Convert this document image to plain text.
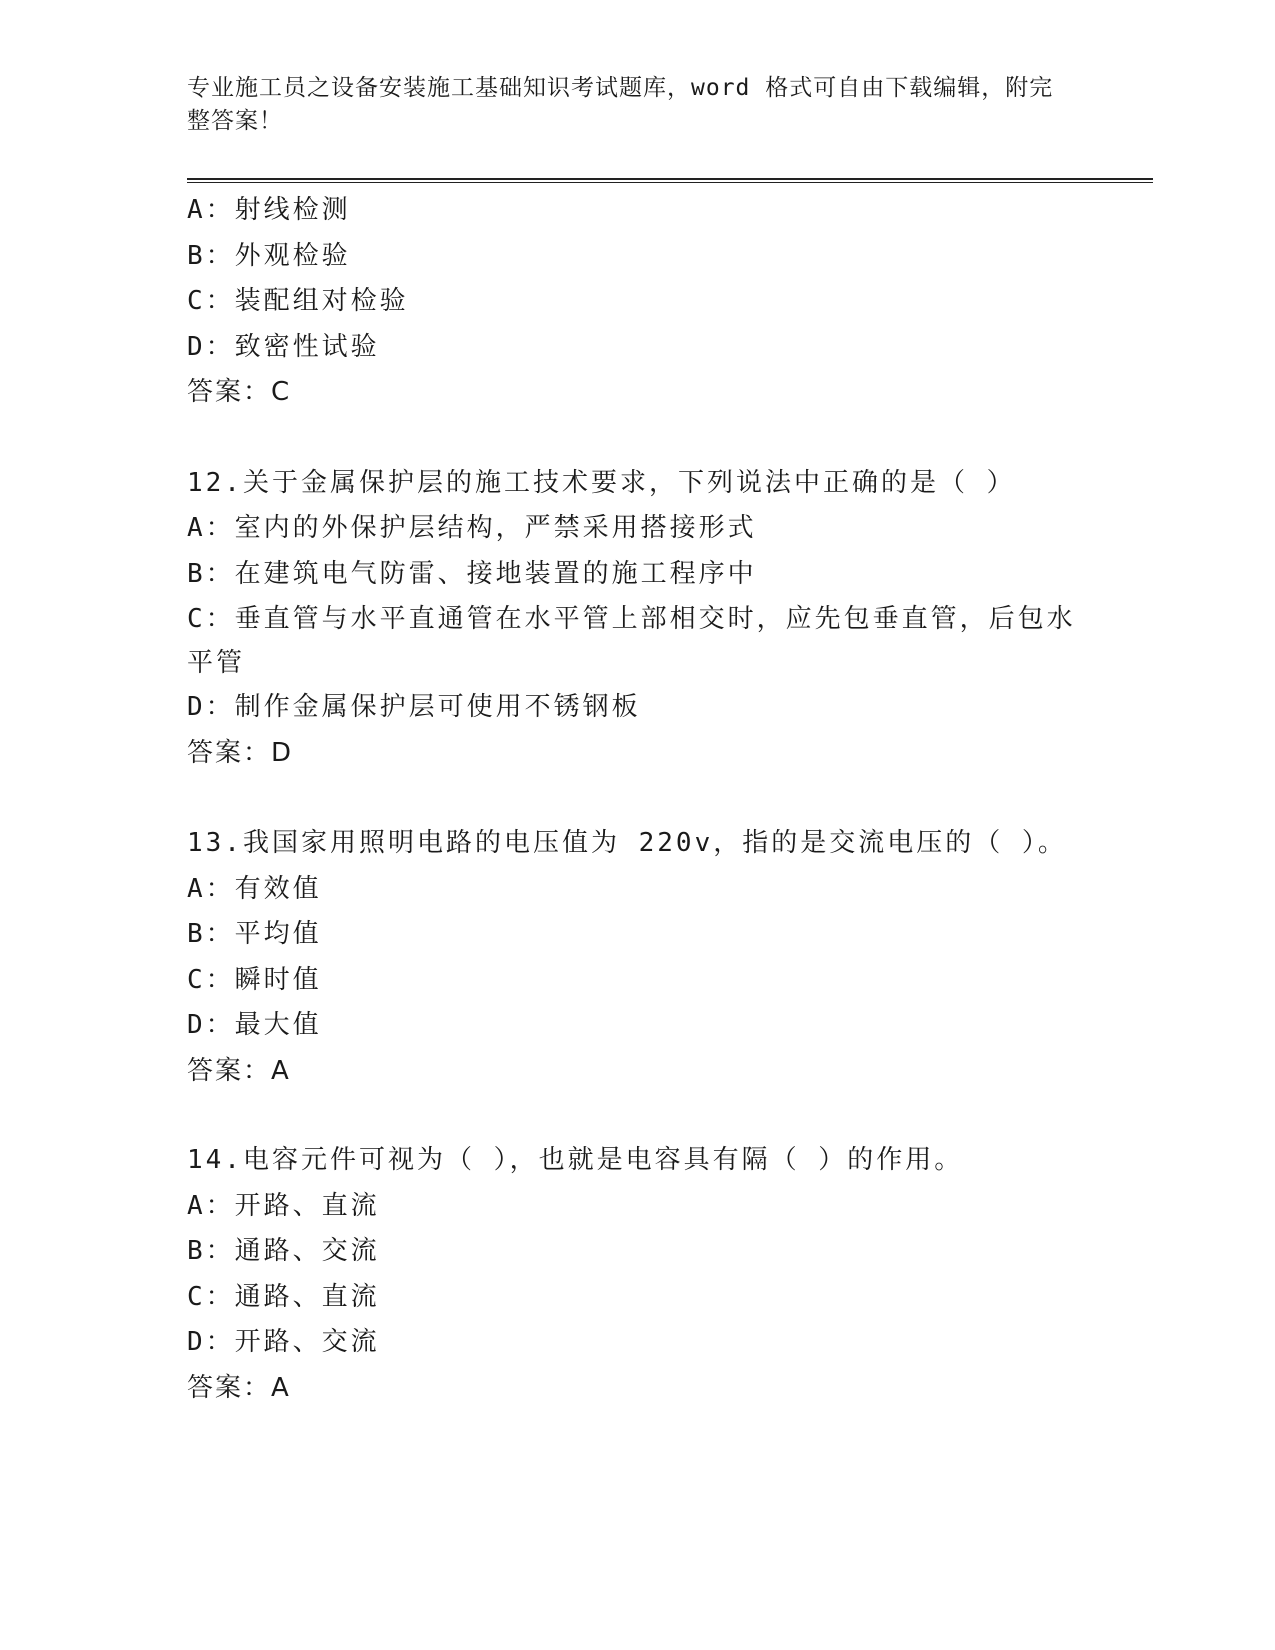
专业施工员之设备安装施工基础知识考试题库，word 格式可自由下载编辑，附完整答案！
A：射线检测
B：外观检验
C：装配组对检验
D：致密性试验
答案：C
12.关于金属保护层的施工技术要求，下列说法中正确的是（ ）
A：室内的外保护层结构，严禁采用搭接形式
B：在建筑电气防雷、接地装置的施工程序中
C：垂直管与水平直通管在水平管上部相交时，应先包垂直管，后包水平管
D：制作金属保护层可使用不锈钢板
答案：D
13.我国家用照明电路的电压值为 220v，指的是交流电压的（ ）。
A：有效值
B：平均值
C：瞬时值
D：最大值
答案：A
14.电容元件可视为（ ），也就是电容具有隔（ ）的作用。
A：开路、直流
B：通路、交流
C：通路、直流
D：开路、交流
答案：A
